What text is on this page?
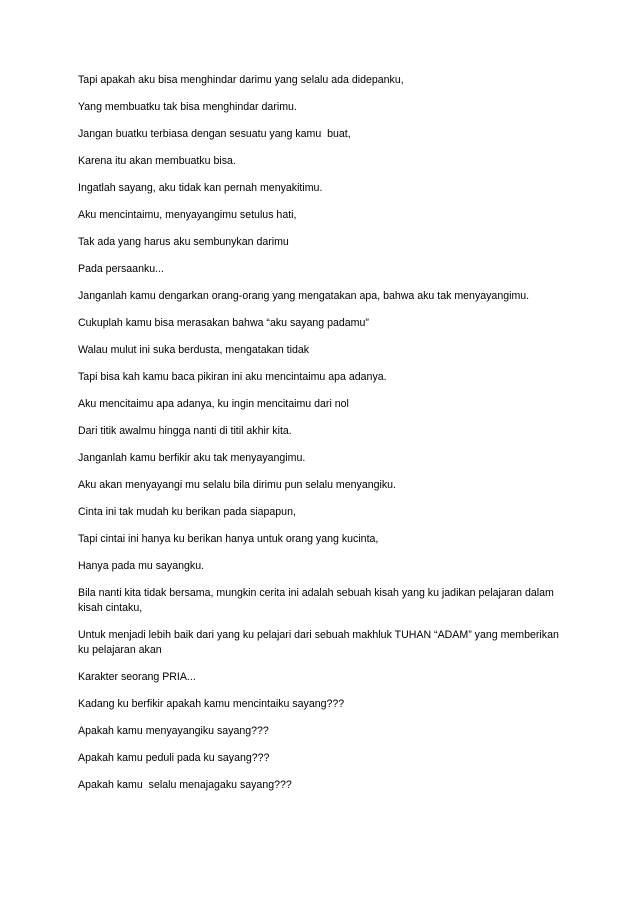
Tapi apakah aku bisa menghindar darimu yang selalu ada didepanku,

Yang membuatku tak bisa menghindar darimu.

Jangan buatku terbiasa dengan sesuatu yang kamu  buat,

Karena itu akan membuatku bisa.

Ingatlah sayang, aku tidak kan pernah menyakitimu.

Aku mencintaimu, menyayangimu setulus hati,

Tak ada yang harus aku sembunykan darimu

Pada persaanku...

Janganlah kamu dengarkan orang-orang yang mengatakan apa, bahwa aku tak menyayangimu.

Cukuplah kamu bisa merasakan bahwa “aku sayang padamu”

Walau mulut ini suka berdusta, mengatakan tidak

Tapi bisa kah kamu baca pikiran ini aku mencintaimu apa adanya.

Aku mencitaimu apa adanya, ku ingin mencitaimu dari nol

Dari titik awalmu hingga nanti di titil akhir kita.

Janganlah kamu berfikir aku tak menyayangimu.

Aku akan menyayangi mu selalu bila dirimu pun selalu menyangiku.

Cinta ini tak mudah ku berikan pada siapapun,

Tapi cintai ini hanya ku berikan hanya untuk orang yang kucinta,

Hanya pada mu sayangku.

Bila nanti kita tidak bersama, mungkin cerita ini adalah sebuah kisah yang ku jadikan pelajaran dalam kisah cintaku,

Untuk menjadi lebih baik dari yang ku pelajari dari sebuah makhluk TUHAN “ADAM” yang memberikan ku pelajaran akan

Karakter seorang PRIA...

Kadang ku berfikir apakah kamu mencintaiku sayang???

Apakah kamu menyayangiku sayang???

Apakah kamu peduli pada ku sayang???

Apakah kamu  selalu menajagaku sayang???
